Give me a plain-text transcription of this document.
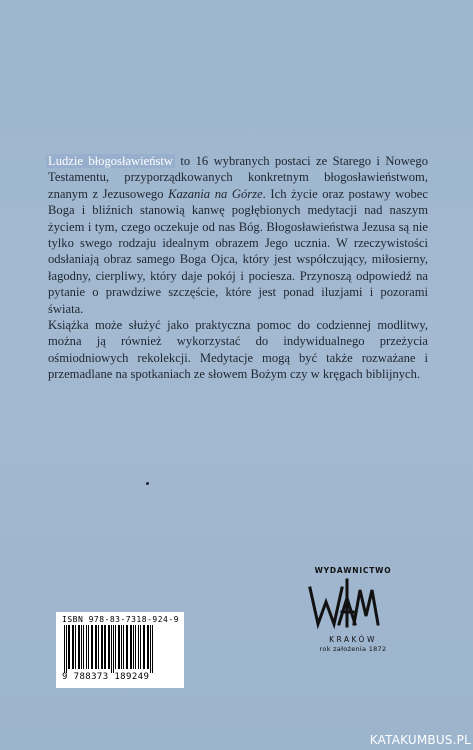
Ludzie błogosławieństw to 16 wybranych postaci ze Starego i Nowego Testamentu, przyporządkowanych konkretnym błogosławieństwom, znanym z Jezusowego Kazania na Górze. Ich życie oraz postawy wobec Boga i bliźnich stanowią kanwę pogłębionych medytacji nad naszym życiem i tym, czego oczekuje od nas Bóg. Błogosławieństwa Jezusa są nie tylko swego rodzaju idealnym obrazem Jego ucznia. W rzeczywistości odsłaniają obraz samego Boga Ojca, który jest współczujący, miłosierny, łagodny, cierpliwy, który daje pokój i pociesza. Przynoszą odpowiedź na pytanie o prawdziwe szczęście, które jest ponad iluzjami i pozorami świata.

Książka może służyć jako praktyczna pomoc do codziennej modlitwy, można ją również wykorzystać do indywidualnego przeżycia ośmiodniowych rekolekcji. Medytacje mogą być także rozważane i przemadlane na spotkaniach ze słowem Bożym czy w kręgach biblijnych.

ISBN 978-83-7318-924-9
9 788373 189249
WYDAWNICTWO
KRAKÓW
rok założenia 1872
KATAKUMBUS.PL
